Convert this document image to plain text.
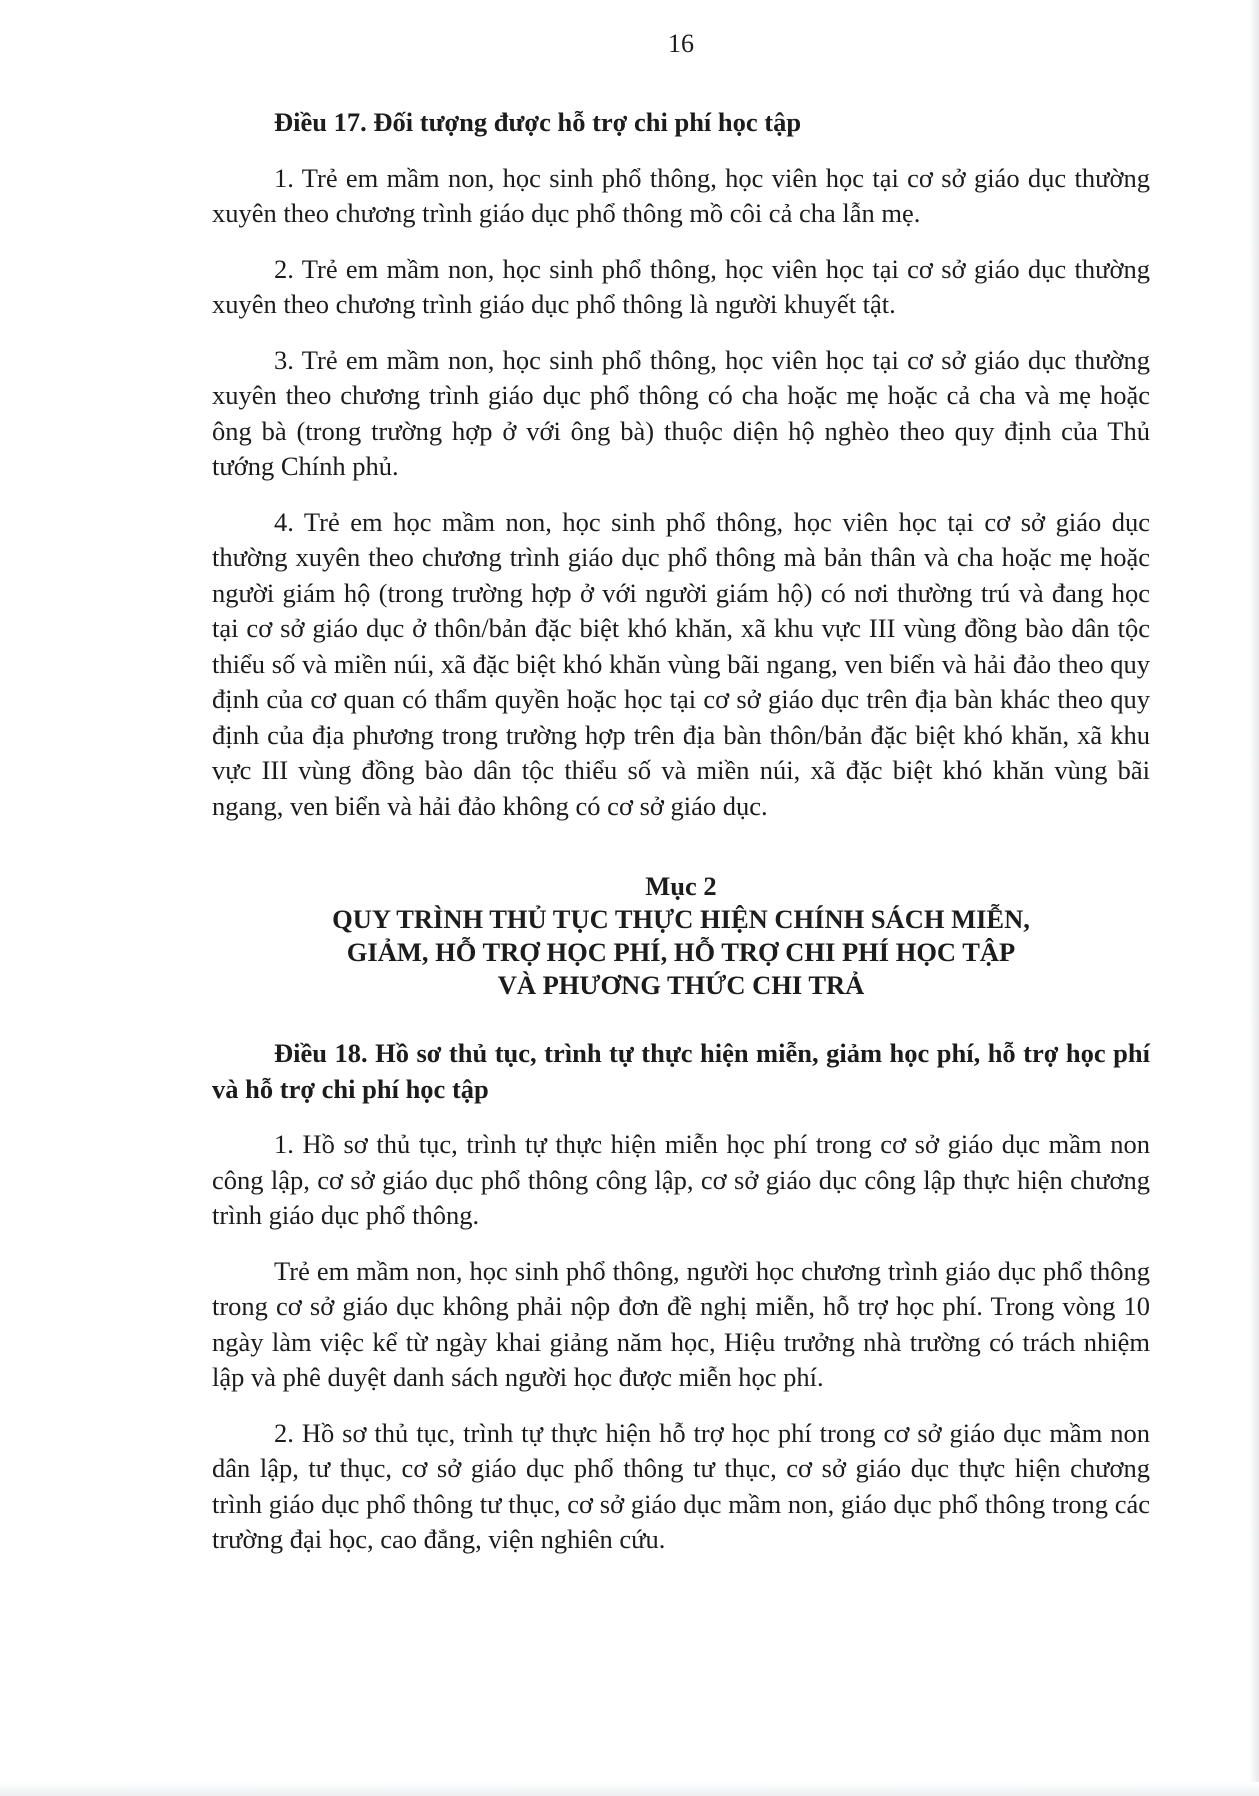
16
Điều 17. Đối tượng được hỗ trợ chi phí học tập
1. Trẻ em mầm non, học sinh phổ thông, học viên học tại cơ sở giáo dục thường xuyên theo chương trình giáo dục phổ thông mồ côi cả cha lẫn mẹ.
2. Trẻ em mầm non, học sinh phổ thông, học viên học tại cơ sở giáo dục thường xuyên theo chương trình giáo dục phổ thông là người khuyết tật.
3. Trẻ em mầm non, học sinh phổ thông, học viên học tại cơ sở giáo dục thường xuyên theo chương trình giáo dục phổ thông có cha hoặc mẹ hoặc cả cha và mẹ hoặc ông bà (trong trường hợp ở với ông bà) thuộc diện hộ nghèo theo quy định của Thủ tướng Chính phủ.
4. Trẻ em học mầm non, học sinh phổ thông, học viên học tại cơ sở giáo dục thường xuyên theo chương trình giáo dục phổ thông mà bản thân và cha hoặc mẹ hoặc người giám hộ (trong trường hợp ở với người giám hộ) có nơi thường trú và đang học tại cơ sở giáo dục ở thôn/bản đặc biệt khó khăn, xã khu vực III vùng đồng bào dân tộc thiểu số và miền núi, xã đặc biệt khó khăn vùng bãi ngang, ven biển và hải đảo theo quy định của cơ quan có thẩm quyền hoặc học tại cơ sở giáo dục trên địa bàn khác theo quy định của địa phương trong trường hợp trên địa bàn thôn/bản đặc biệt khó khăn, xã khu vực III vùng đồng bào dân tộc thiểu số và miền núi, xã đặc biệt khó khăn vùng bãi ngang, ven biển và hải đảo không có cơ sở giáo dục.
Mục 2
QUY TRÌNH THỦ TỤC THỰC HIỆN CHÍNH SÁCH MIỄN,
GIẢM, HỖ TRỢ HỌC PHÍ, HỖ TRỢ CHI PHÍ HỌC TẬP
VÀ PHƯƠNG THỨC CHI TRẢ
Điều 18. Hồ sơ thủ tục, trình tự thực hiện miễn, giảm học phí, hỗ trợ học phí và hỗ trợ chi phí học tập
1. Hồ sơ thủ tục, trình tự thực hiện miễn học phí trong cơ sở giáo dục mầm non công lập, cơ sở giáo dục phổ thông công lập, cơ sở giáo dục công lập thực hiện chương trình giáo dục phổ thông.
Trẻ em mầm non, học sinh phổ thông, người học chương trình giáo dục phổ thông trong cơ sở giáo dục không phải nộp đơn đề nghị miễn, hỗ trợ học phí. Trong vòng 10 ngày làm việc kể từ ngày khai giảng năm học, Hiệu trưởng nhà trường có trách nhiệm lập và phê duyệt danh sách người học được miễn học phí.
2. Hồ sơ thủ tục, trình tự thực hiện hỗ trợ học phí trong cơ sở giáo dục mầm non dân lập, tư thục, cơ sở giáo dục phổ thông tư thục, cơ sở giáo dục thực hiện chương trình giáo dục phổ thông tư thục, cơ sở giáo dục mầm non, giáo dục phổ thông trong các trường đại học, cao đẳng, viện nghiên cứu.
